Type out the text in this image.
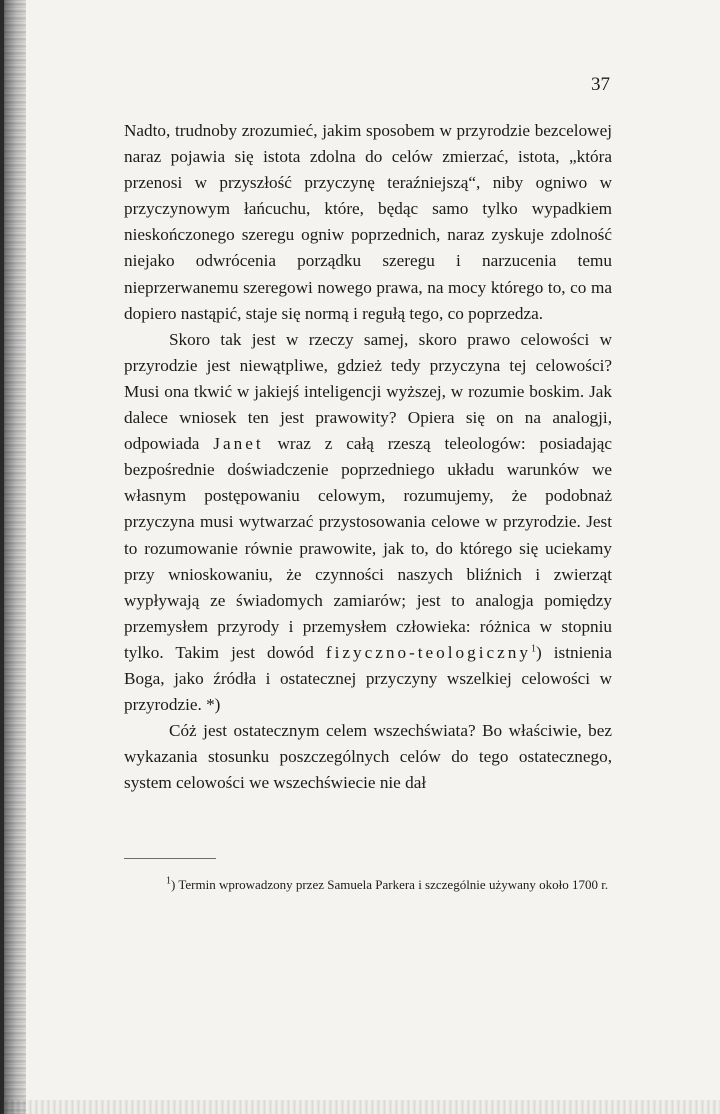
37

Nadto, trudnoby zrozumieć, jakim sposobem w przyrodzie bezcelowej naraz pojawia się istota zdolna do celów zmierzać, istota, „która przenosi w przyszłość przyczynę teraźniejszą“, niby ogniwo w przyczynowym łańcuchu, które, będąc samo tylko wypadkiem nieskończonego szeregu ogniw poprzednich, naraz zyskuje zdolność niejako odwrócenia porządku szeregu i narzucenia temu nieprzerwanemu szeregowi nowego prawa, na mocy którego to, co ma dopiero nastąpić, staje się normą i regułą tego, co poprzedza.

Skoro tak jest w rzeczy samej, skoro prawo celowości w przyrodzie jest niewątpliwe, gdzież tedy przyczyna tej celowości? Musi ona tkwić w jakiejś inteligencji wyższej, w rozumie boskim. Jak dalece wniosek ten jest prawowity? Opiera się on na analogji, odpowiada Janet wraz z całą rzeszą teleologów: posiadając bezpośrednie doświadczenie poprzedniego układu warunków we własnym postępowaniu celowym, rozumujemy, że podobnaż przyczyna musi wytwarzać przystosowania celowe w przyrodzie. Jest to rozumowanie równie prawowite, jak to, do którego się uciekamy przy wnioskowaniu, że czynności naszych bliźnich i zwierząt wypływają ze świadomych zamiarów; jest to analogja pomiędzy przemysłem przyrody i przemysłem człowieka: różnica w stopniu tylko. Takim jest dowód fizyczno-teologiczny$^1$) istnienia Boga, jako źródła i ostatecznej przyczyny wszelkiej celowości w przyrodzie. *)

Cóż jest ostatecznym celem wszechświata? Bo właściwie, bez wykazania stosunku poszczególnych celów do tego ostatecznego, system celowości we wszechświecie nie dał

$^1$) Termin wprowadzony przez Samuela Parkera i szczególnie używany około 1700 r.
